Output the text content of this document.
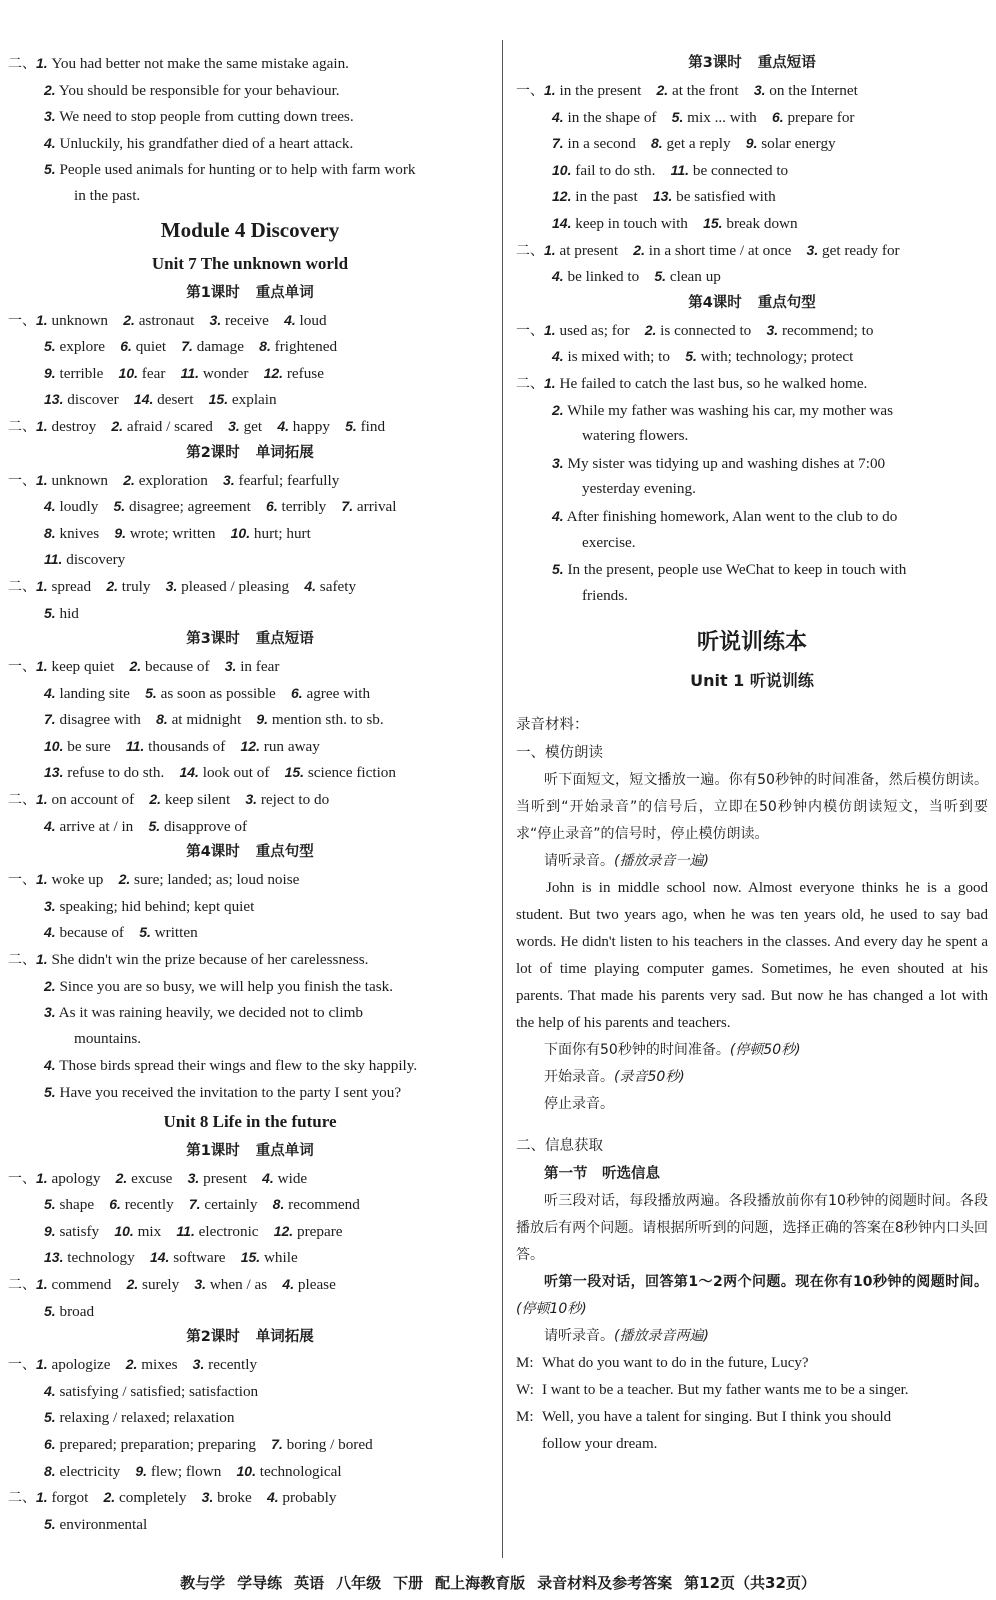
二、1. You had better not make the same mistake again.
2. You should be responsible for your behaviour.
3. We need to stop people from cutting down trees.
4. Unluckily, his grandfather died of a heart attack.
5. People used animals for hunting or to help with farm work
in the past.
Module 4 Discovery
Unit 7 The unknown world
第1课时 重点单词
一、1. unknown  2. astronaut  3. receive  4. loud
5. explore  6. quiet  7. damage  8. frightened
9. terrible  10. fear  11. wonder  12. refuse
13. discover  14. desert  15. explain
二、1. destroy  2. afraid / scared  3. get  4. happy  5. find
第2课时 单词拓展
一、1. unknown  2. exploration  3. fearful; fearfully
4. loudly  5. disagree; agreement  6. terribly  7. arrival
8. knives  9. wrote; written  10. hurt; hurt
11. discovery
二、1. spread  2. truly  3. pleased / pleasing  4. safety
5. hid
第3课时 重点短语
一、1. keep quiet  2. because of  3. in fear
4. landing site  5. as soon as possible  6. agree with
7. disagree with  8. at midnight  9. mention sth. to sb.
10. be sure  11. thousands of  12. run away
13. refuse to do sth.  14. look out of  15. science fiction
二、1. on account of  2. keep silent  3. reject to do
4. arrive at / in  5. disapprove of
第4课时 重点句型
一、1. woke up  2. sure; landed; as; loud noise
3. speaking; hid behind; kept quiet
4. because of  5. written
二、1. She didn't win the prize because of her carelessness.
2. Since you are so busy, we will help you finish the task.
3. As it was raining heavily, we decided not to climb
mountains.
4. Those birds spread their wings and flew to the sky happily.
5. Have you received the invitation to the party I sent you?
Unit 8 Life in the future
第1课时 重点单词
一、1. apology  2. excuse  3. present  4. wide
5. shape  6. recently  7. certainly  8. recommend
9. satisfy  10. mix  11. electronic  12. prepare
13. technology  14. software  15. while
二、1. commend  2. surely  3. when / as  4. please
5. broad
第2课时 单词拓展
一、1. apologize  2. mixes  3. recently
4. satisfying / satisfied; satisfaction
5. relaxing / relaxed; relaxation
6. prepared; preparation; preparing  7. boring / bored
8. electricity  9. flew; flown  10. technological
二、1. forgot  2. completely  3. broke  4. probably
5. environmental
第3课时 重点短语
一、1. in the present  2. at the front  3. on the Internet
4. in the shape of  5. mix ... with  6. prepare for
7. in a second  8. get a reply  9. solar energy
10. fail to do sth.  11. be connected to
12. in the past  13. be satisfied with
14. keep in touch with  15. break down
二、1. at present  2. in a short time / at once  3. get ready for
4. be linked to  5. clean up
第4课时 重点句型
一、1. used as; for  2. is connected to  3. recommend; to
4. is mixed with; to  5. with; technology; protect
二、1. He failed to catch the last bus, so he walked home.
2. While my father was washing his car, my mother was
watering flowers.
3. My sister was tidying up and washing dishes at 7:00
yesterday evening.
4. After finishing homework, Alan went to the club to do
exercise.
5. In the present, people use WeChat to keep in touch with
friends.
听说训练本
Unit 1 听说训练
录音材料：
一、模仿朗读
听下面短文，短文播放一遍。你有50秒钟的时间准备，然后模仿朗读。当听到“开始录音”的信号后，立即在50秒钟内模仿朗读短文，当听到要求“停止录音”的信号时，停止模仿朗读。
请听录音。(播放录音一遍)
John is in middle school now. Almost everyone thinks he is a good student. But two years ago, when he was ten years old, he used to say bad words. He didn't listen to his teachers in the classes. And every day he spent a lot of time playing computer games. Sometimes, he even shouted at his parents. That made his parents very sad. But now he has changed a lot with the help of his parents and teachers.
下面你有50秒钟的时间准备。(停顿50秒)
开始录音。(录音50秒)
停止录音。
二、信息获取
第一节　听选信息
听三段对话，每段播放两遍。各段播放前你有10秒钟的阅题时间。各段播放后有两个问题。请根据所听到的问题，选择正确的答案在8秒钟内口头回答。
听第一段对话，回答第1～2两个问题。现在你有10秒钟的阅题时间。(停顿10秒)
请听录音。(播放录音两遍)
M: What do you want to do in the future, Lucy?
W: I want to be a teacher. But my father wants me to be a singer.
M: Well, you have a talent for singing. But I think you should
follow your dream.
教与学 学导练 英语 八年级 下册 配上海教育版 录音材料及参考答案 第12页（共32页）
